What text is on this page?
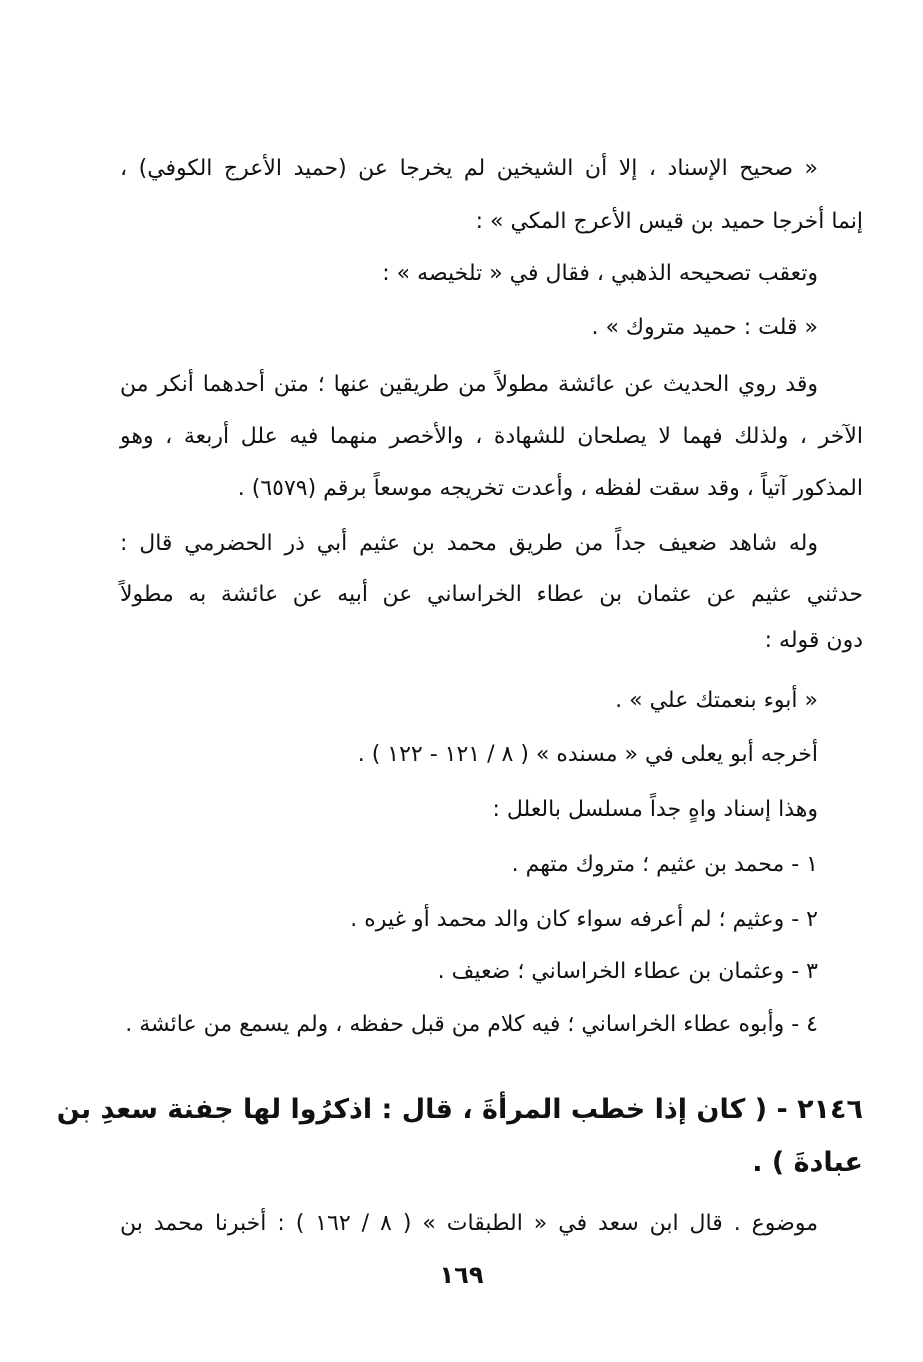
« صحيح الإسناد ، إلا أن الشيخين لم يخرجا عن (حميد الأعرج الكوفي) ،
إنما أخرجا حميد بن قيس الأعرج المكي » :
وتعقب تصحيحه الذهبي ، فقال في « تلخيصه » :
« قلت : حميد متروك » .
وقد روي الحديث عن عائشة مطولاً من طريقين عنها ؛ متن أحدهما أنكر من
الآخر ، ولذلك فهما لا يصلحان للشهادة ، والأخصر منهما فيه علل أربعة ، وهو
المذكور آتياً ، وقد سقت لفظه ، وأعدت تخريجه موسعاً برقم (٦٥٧٩) .
وله شاهد ضعيف جداً من طريق محمد بن عثيم أبي ذر الحضرمي قال :
حدثني عثيم عن عثمان بن عطاء الخراساني عن أبيه عن عائشة به مطولاً
دون قوله :
« أبوء بنعمتك علي » .
أخرجه أبو يعلى في « مسنده » ( ٨ / ١٢١ - ١٢٢ ) .
وهذا إسناد واهٍ جداً مسلسل بالعلل :
١ - محمد بن عثيم ؛ متروك متهم .
٢ - وعثيم ؛ لم أعرفه سواء كان والد محمد أو غيره .
٣ - وعثمان بن عطاء الخراساني ؛ ضعيف .
٤ - وأبوه عطاء الخراساني ؛ فيه كلام من قبل حفظه ، ولم يسمع من عائشة .
٢١٤٦ - ( كان إذا خطب المرأةَ ، قال : اذكرُوا لها جفنة سعدِ بن
عبادةَ ) .
موضوع . قال ابن سعد في « الطبقات » ( ٨ / ١٦٢ ) : أخبرنا محمد بن
١٦٩
